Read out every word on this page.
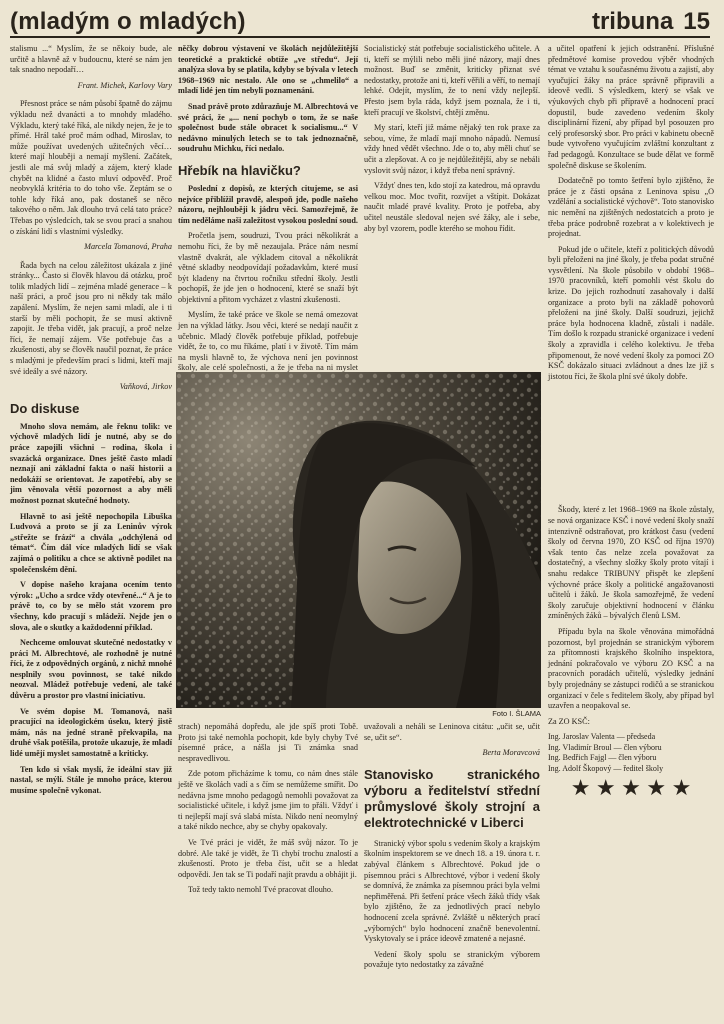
(mladým o mladých)	tribuna 15

stalismu ...“ Myslím, že se někoiy bude, ale určitě a hlavně až v budoucnu, které se nám jen tak snadno nepodaří…

Frant. Michek, Karlovy Vary

Přesnost práce se nám působí špatně do zájmu výkladu než dvanácti a to mnohdy mladého. Výkladu, který také říká, ale nikdy nejen, že je to přímé. Hrál také proč mám odhad, Miroslav, to může používat uvedených užitečných věcí… které mají hlouběji a nemají myšlení. Začátek, jestli ale má svůj mladý a zájem, který klade chybět na klidné a často mluví odpověď. Proč neobvyklá kritéria to do toho vše. Zeptám se o tohle kdy říká ano, pak dostaneš se něco takového o něm. Jak dlouho trvá celá tato práce? Třebas po výsledcích, tak se svou prací a snahou o získání lidí s vlastními výsledky.

Marcela Tomanová, Praha

Řada bych na celou záležitost ukázala z jiné stránky... Často si člověk hlavou dá otázku, proč tolik mladých lidí – zejména mladé generace – k naší práci, a proč jsou pro ni někdy tak málo zapálení. Myslím, že nejen sami mladí, ale i ti starší by měli pochopit, že se musí aktivně zapojit. Je třeba vidět, jak pracují, a proč nelze říci, že nemají zájem. Vše potřebuje čas a zkušenosti, aby se člověk naučil poznat, že práce s mladými je především prací s lidmi, kteří mají své ideály a své názory.

Vaňková, Jirkov
Do diskuse

Mnoho slova nemám, ale řeknu tolik: ve výchově mladých lidí je nutné, aby se do práce zapojili všichni – rodina, škola i svazácká organizace. Dnes ještě často mladí neznají ani základní fakta o naší historii a nedokáží se orientovat. Je zapotřebí, aby se jim věnovala větší pozornost a aby měli možnost poznat skutečné hodnoty.

Hlavně to asi ještě nepochopila Libuška Ludvová a proto se jí za Leninův výrok „střežte se frází“ a chvála „odchýlená od témat“. Čím dál více mladých lidí se však zajímá o politiku a chce se aktivně podílet na společenském dění.

V dopise našeho krajana ocením tento výrok: „Ucho a srdce vždy otevřené...“ A je to právě to, co by se mělo stát vzorem pro všechny, kdo pracují s mládeží. Nejde jen o slova, ale o skutky a každodenní příklad.

Nechceme omlouvat skutečné nedostatky v práci M. Albrechtové, ale rozhodně je nutné říci, že z odpovědných orgánů, z nichž mnohé nesplnily svou povinnost, se také nikdo neozval. Mládež potřebuje vedení, ale také důvěru a prostor pro vlastní iniciativu.

Ve svém dopise M. Tomanová, naši pracující na ideologickém úseku, který jistě mám, nás na jedné straně překvapila, na druhé však potěšila, protože ukazuje, že mladí lidé umějí myslet samostatně a kriticky.

Ten kdo si však myslí, že ideální stav již nastal, se mýlí. Stále je mnoho práce, kterou musíme společně vykonat.

něčky dobrou výstavení ve školách nejdůležitější teoretické a praktické obtíže „ve středu“. Její analýza slova by se platila, kdyby se bývala v letech 1968–1969 nic nestalo. Ale ono se „chmelilo“ a mladí lidé jen tím nebyli poznamenáni.

Snad právě proto zdůrazňuje M. Albrechtová ve své práci, že „... není pochyb o tom, že se naše společnost bude stále obracet k socialismu...“ V nedávno minulých letech se to tak jednoznačně, soudruhu Michku, říci nedalo.

Hřebík na hlavičku?

Poslední z dopisů, ze kterých citujeme, se asi nejvíce přiblížil pravdě, alespoň jde, podle našeho názoru, nejhlouběji k jádru věci. Samozřejmě, že tím neděláme naši zaležitost vysokou poslední soud.

Pročetla jsem, soudruzi, Tvou práci několikrát a nemohu říci, že by mě nezaujala. Práce nám nesmí vlastně dvakrát, ale výkladem citoval a několikrát větné skladby neodpovídají požadavkům, které musí být kladeny na čtvrtou ročníku střední školy. Jestli pochopíš, že jde jen o hodnocení, které se snaží být objektivní a přitom vycházet z vlastní zkušenosti.

Myslím, že také práce ve škole se nemá omezovat jen na výklad látky. Jsou věci, které se nedají naučit z učebnic. Mladý člověk potřebuje příklad, potřebuje vidět, že to, co mu říkáme, platí i v životě. Tím mám na mysli hlavně to, že výchova není jen povinnost školy, ale celé společnosti, a že je třeba na ni myslet

Socialistický stát potřebuje socialistického učitele. A ti, kteří se mýlili nebo měli jiné názory, mají dnes možnost. Buď se změnit, kriticky přiznat své nedostatky, protože ani ti, kteří věřili a věří, to nemají lehké. Odejít, myslím, že to není vždy nejlepší. Přesto jsem byla ráda, když jsem poznala, že i ti, kteří pracují ve školství, chtějí změnu.

My starí, kteří již máme nějaký ten rok praxe za sebou, víme, že mladí mají mnoho nápadů. Nemusí vždy hned vědět všechno. Jde o to, aby měli chuť se učit a zlepšovat. A co je nejdůležitější, aby se nebáli vyslovit svůj názor, i když třeba není správný.

Vždyť dnes ten, kdo stojí za katedrou, má opravdu velkou moc. Moc tvořit, rozvíjet a vštípit. Dokázat naučit mladé pravé kvality. Proto je potřeba, aby učitel neustále sledoval nejen své žáky, ale i sebe, aby byl vzorem, podle kterého se mohou řídit.

a učitel opatření k jejich odstranění. Příslušné předmětové komise provedou výběr vhodných témat ve vztahu k současnému životu a zajistí, aby vyučující žáky na práce správně připravili a ideově vedli. S výsledkem, který se však ve výukových chyb při přípravě a hodnocení prací dopustil, bude zavedeno vedením školy disciplinární řízení, aby případ byl posouzen pro celý profesorský sbor. Pro práci v kabinetu obecně bude vytvořeno vyučujícím zvláštní konzultant z řad pedagogů. Konzultace se bude dělat ve formě společně diskuse se školením.

Dodatečně po tomto šetření bylo zjištěno, že práce je z části opsána z Leninova spisu „O vzdělání a socialistické výchově“. Toto stanovisko nic nemění na zjištěných nedostatcích a proto je třeba práce podrobně rozebrat a v kolektivech je projednat.

Pokud jde o učitele, kteří z politických důvodů byli přeloženi na jiné školy, je třeba podat stručné vysvětlení. Na škole působilo v období 1968–1970 pracovníků, kteří pomohli vést školu do krize. Do jejich rozhodnutí zasahovaly i další organizace a proto byli na základě pohovorů přeloženi na jiné školy. Další soudruzi, jejichž práce byla hodnocena kladně, zůstali i nadále. Tím došlo k rozpadu stranické organizace i vedení školy a zpravidla i celého kolektivu. Je třeba připomenout, že nové vedení školy za pomoci ZO KSČ dokázalo situaci zvládnout a dnes lze již s jistotou říci, že škola plní své úkoly dobře.

Škody, které z let 1968–1969 na škole zůstaly, se nová organizace KSČ i nové vedení školy snaží intenzivně odstraňovat, pro krátkost času (vedení školy od června 1970, ZO KSČ od října 1970) však tento čas nelze zcela považovat za dostatečný, a všechny složky školy proto vítají i snahu redakce TRIBUNY přispět ke zlepšení výchovné práce školy a politické angažovanosti učitelů i žáků. Je škola samozřejmě, že vedení školy zaručuje objektivní hodnocení v článku zmíněných žáků – bývalých členů LSM.

Případu byla na škole věnována mimořádná pozornost, byl projednán se stranickým výborem za přítomnosti krajského školního inspektora, jednání pokračovalo ve výboru ZO KSČ a na pracovních poradách učitelů, výsledky jednání byly projednány se zástupci rodičů a se stranickou organizací v čele s ředitelem školy, aby případ byl uzavřen a neopakoval se.

Za ZO KSČ:

Ing. Jaroslav Valenta — předseda
Ing. Vladimír Broul — člen výboru
Ing. Bedřich Fajgl — člen výboru
Ing. Adolf Škopový — ředitel školy
★ ★ ★ ★ ★
Foto I. ŠLAMA

strach) nepomáhá dopředu, ale jde spíš proti Tobě. Proto jsi také nemohla pochopit, kde byly chyby Tvé písemné práce, a nášla jsi Ti známka snad nespravedlivou.

Zde potom přicházíme k tomu, co nám dnes stále ještě ve školách vadí a s čím se nemůžeme smířit. Do nedávna jsme mnoho pedagogů nemohli považovat za socialistické učitele, i když jsme jim to přáli. Vždyť i ti nejlepší mají svá slabá místa. Nikdo není neomylný a také nikdo nechce, aby se chyby opakovaly.

Ve Tvé práci je vidět, že máš svůj názor. To je dobré. Ale také je vidět, že Ti chybí trochu znalostí a zkušeností. Proto je třeba číst, učit se a hledat odpovědi. Jen tak se Ti podaří najít pravdu a obhájit ji.

Tož tedy takto nemohl Tvé pracovat dlouho.

uvažovali a neháli se Leninova citátu: „učit se, učit se, učit se“.

Berta Moravcová
Stanovisko stranického výboru a ředitelství střední průmyslové školy strojní a elektrotechnické v Liberci

Stranický výbor spolu s vedením školy a krajským školním inspektorem se ve dnech 18. a 19. února t. r. zabýval článkem s Albrechtové. Pokud jde o písemnou práci s Albrechtové, výbor i vedení školy se domnívá, že známka za písemnou práci byla velmi nepřiměřená. Při šetření práce všech žáků třídy však bylo zjištěno, že za jednotlivých prací nebylo hodnocení zcela správné. Zvláště u některých prací „výborných“ bylo hodnocení značně benevolentní. Vyskytovaly se i práce ideově zmatené a nejasné.

Vedení školy spolu se stranickým výborem považuje tyto nedostatky za závažné
